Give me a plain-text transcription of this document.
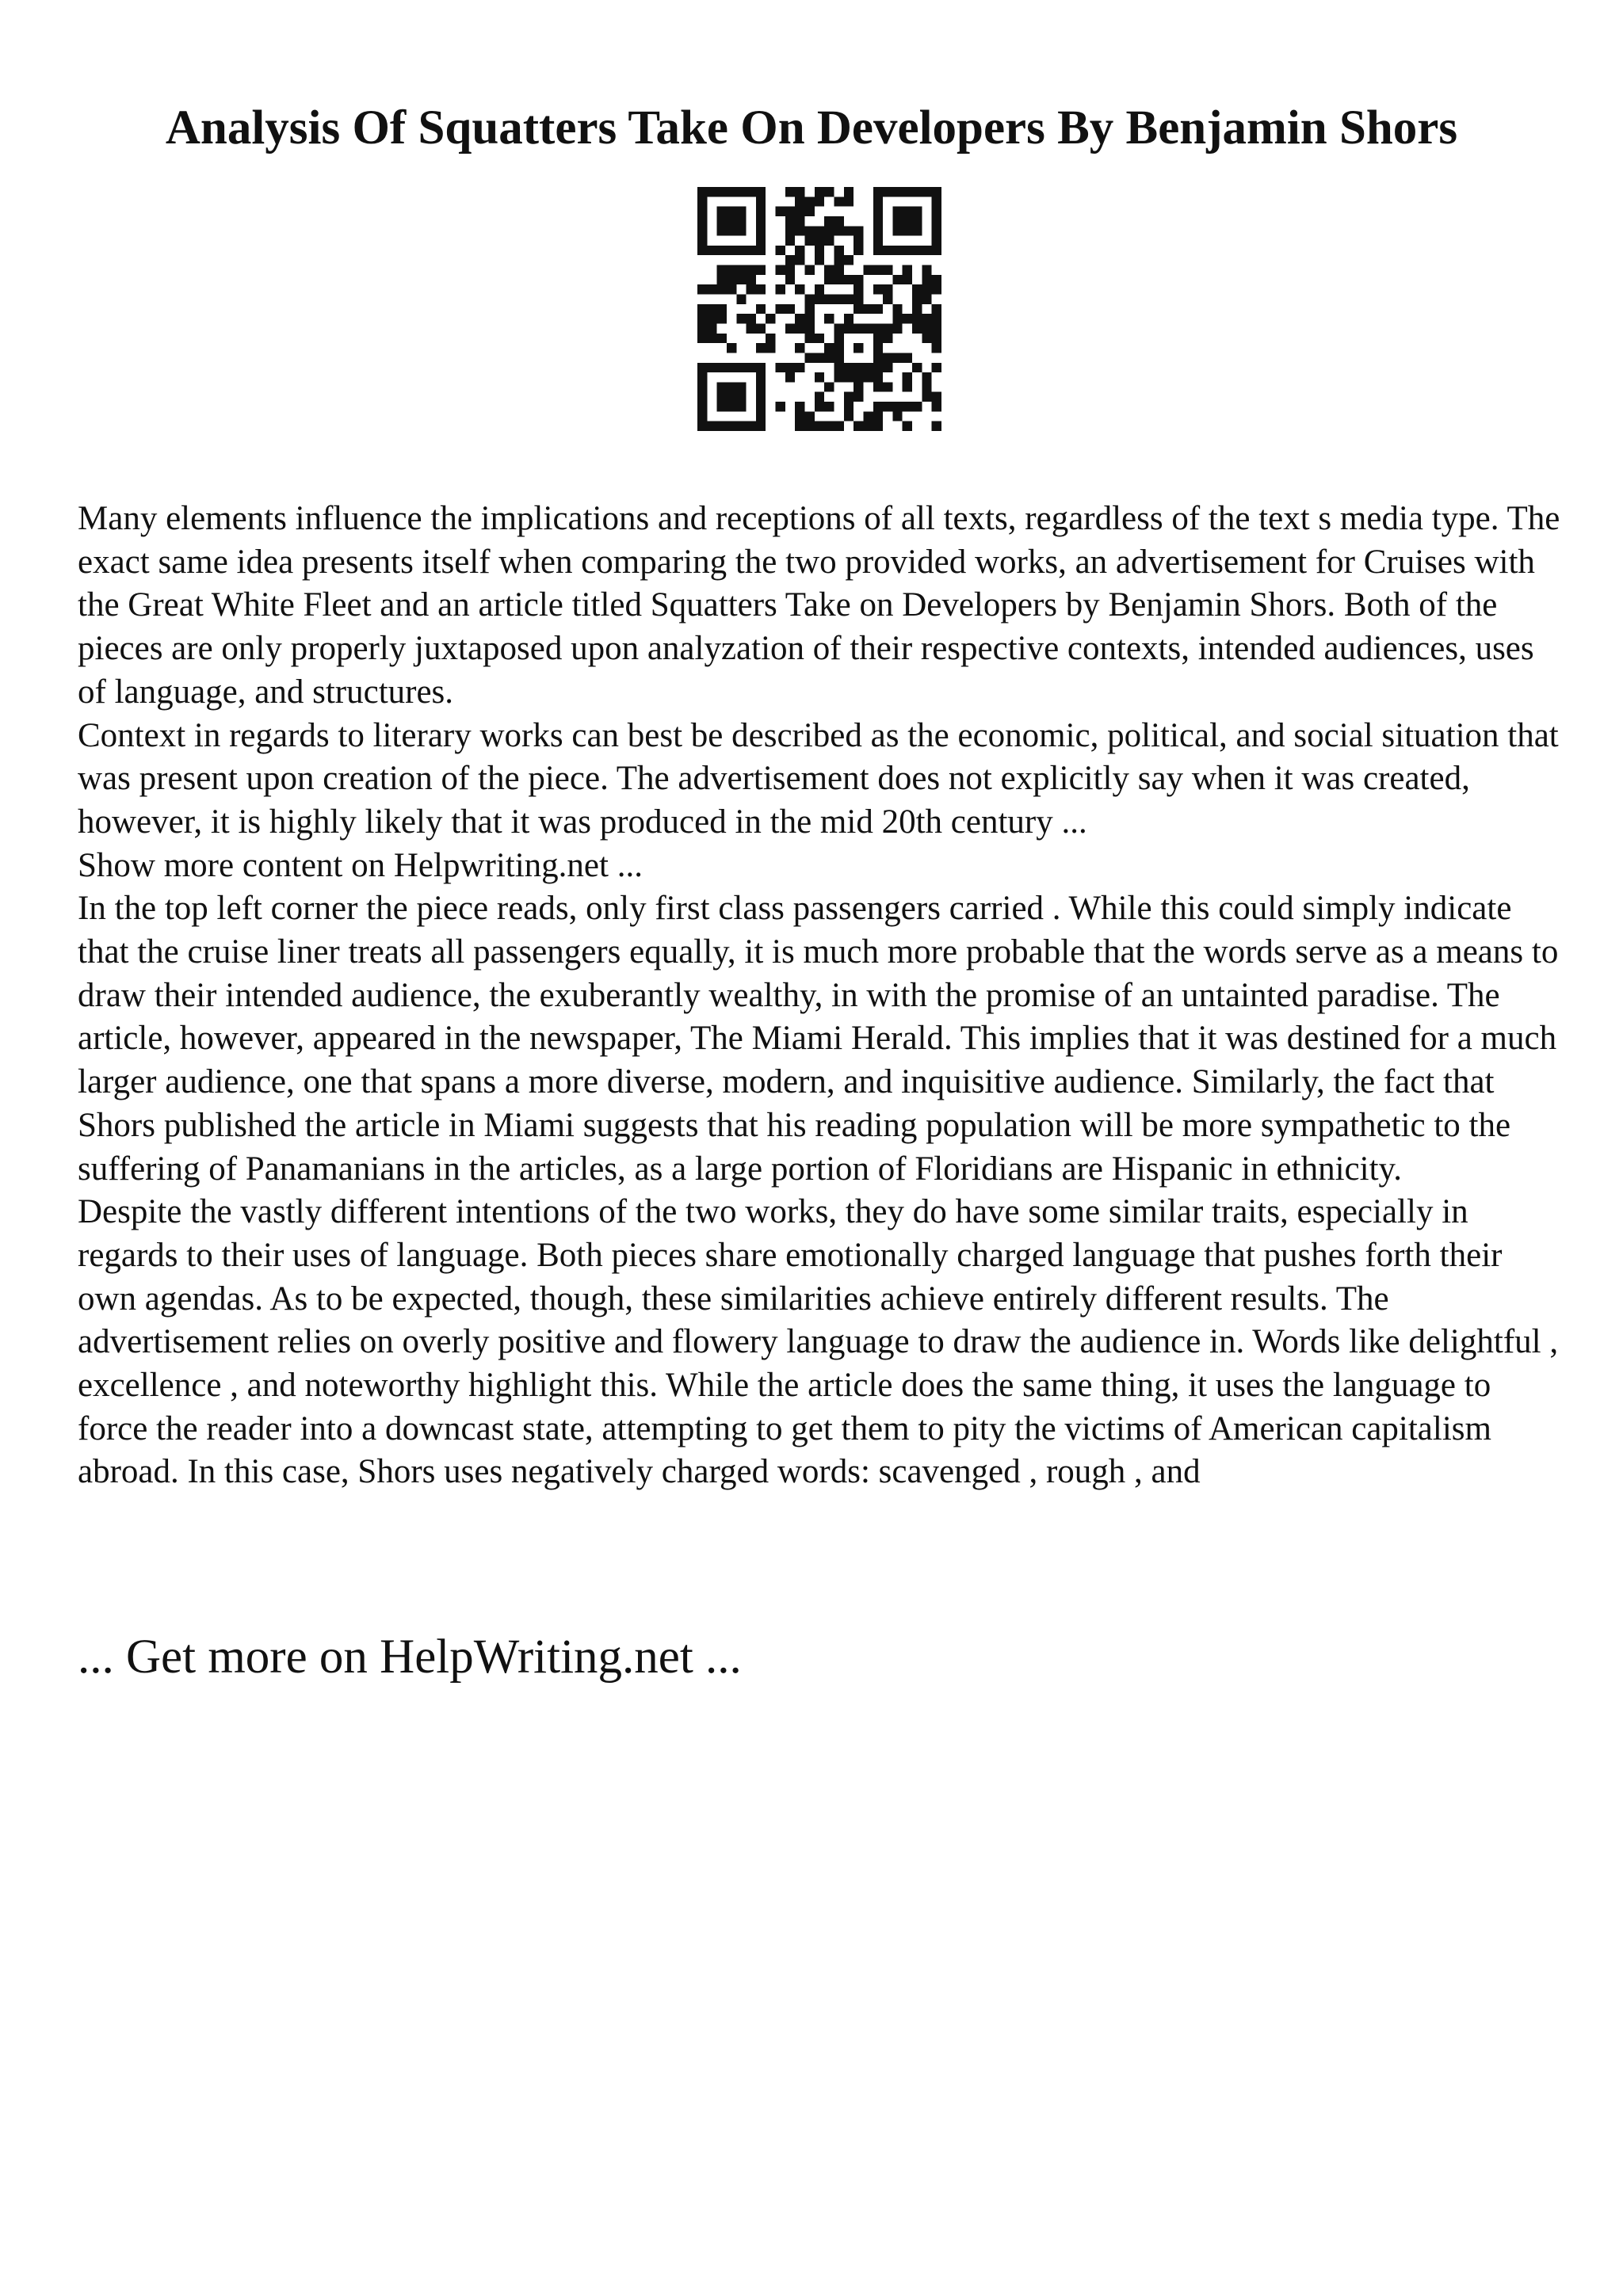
Analysis Of Squatters Take On Developers By Benjamin Shors

Many elements influence the implications and receptions of all texts, regardless of the text s media type. The exact same idea presents itself when comparing the two provided works, an advertisement for Cruises with the Great White Fleet and an article titled Squatters Take on Developers by Benjamin Shors. Both of the pieces are only properly juxtaposed upon analyzation of their respective contexts, intended audiences, uses of language, and structures.

Context in regards to literary works can best be described as the economic, political, and social situation that was present upon creation of the piece. The advertisement does not explicitly say when it was created, however, it is highly likely that it was produced in the mid 20th century ...

Show more content on Helpwriting.net ...

In the top left corner the piece reads, only first class passengers carried . While this could simply indicate that the cruise liner treats all passengers equally, it is much more probable that the words serve as a means to draw their intended audience, the exuberantly wealthy, in with the promise of an untainted paradise. The article, however, appeared in the newspaper, The Miami Herald. This implies that it was destined for a much larger audience, one that spans a more diverse, modern, and inquisitive audience. Similarly, the fact that Shors published the article in Miami suggests that his reading population will be more sympathetic to the suffering of Panamanians in the articles, as a large portion of Floridians are Hispanic in ethnicity.

Despite the vastly different intentions of the two works, they do have some similar traits, especially in regards to their uses of language. Both pieces share emotionally charged language that pushes forth their own agendas. As to be expected, though, these similarities achieve entirely different results. The advertisement relies on overly positive and flowery language to draw the audience in. Words like delightful , excellence , and noteworthy highlight this. While the article does the same thing, it uses the language to force the reader into a downcast state, attempting to get them to pity the victims of American capitalism abroad. In this case, Shors uses negatively charged words: scavenged , rough , and

... Get more on HelpWriting.net ...
